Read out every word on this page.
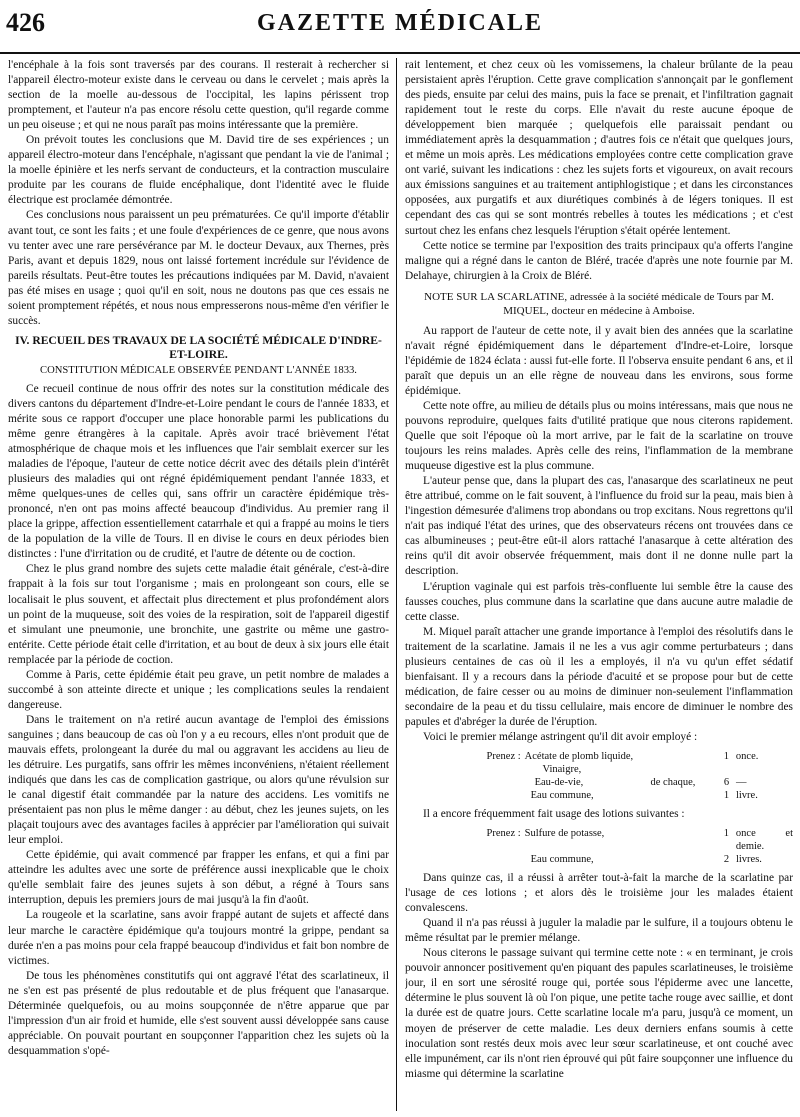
426	GAZETTE MÉDICALE

l'encéphale à la fois sont traversés par des courans. Il resterait à rechercher si l'appareil électro-moteur existe dans le cerveau ou dans le cervelet ; mais après la section de la moelle au-dessous de l'occipital, les lapins périssent trop promptement, et l'auteur n'a pas encore résolu cette question, qu'il regarde comme un peu oiseuse ; et qui ne nous paraît pas moins intéressante que la première.

On prévoit toutes les conclusions que M. David tire de ses expériences ; un appareil électro-moteur dans l'encéphale, n'agissant que pendant la vie de l'animal ; la moelle épinière et les nerfs servant de conducteurs, et la contraction musculaire produite par les courans de fluide encéphalique, dont l'identité avec le fluide électrique est proclamée démontrée.

Ces conclusions nous paraissent un peu prématurées. Ce qu'il importe d'établir avant tout, ce sont les faits ; et une foule d'expériences de ce genre, que nous avons vu tenter avec une rare persévérance par M. le docteur Devaux, aux Thernes, près Paris, avant et depuis 1829, nous ont laissé fortement incrédule sur l'évidence de pareils résultats. Peut-être toutes les précautions indiquées par M. David, n'avaient pas été mises en usage ; quoi qu'il en soit, nous ne doutons pas que ces essais ne soient promptement répétés, et nous nous empresserons nous-même d'en vérifier le succès.

IV. RECUEIL DES TRAVAUX DE LA SOCIÉTÉ MÉDICALE D'INDRE-ET-LOIRE.
CONSTITUTION MÉDICALE OBSERVÉE PENDANT L'ANNÉE 1833.

Ce recueil continue de nous offrir des notes sur la constitution médicale des divers cantons du département d'Indre-et-Loire pendant le cours de l'année 1833, et mérite sous ce rapport d'occuper une place honorable parmi les publications du même genre étrangères à la capitale. Après avoir tracé brièvement l'état atmosphérique de chaque mois et les influences que l'air semblait exercer sur les maladies de l'époque, l'auteur de cette notice décrit avec des détails plein d'intérêt plusieurs des maladies qui ont régné épidémiquement pendant l'année 1833, et même quelques-unes de celles qui, sans offrir un caractère épidémique très-prononcé, n'en ont pas moins affecté beaucoup d'individus. Au premier rang il place la grippe, affection essentiellement catarrhale et qui a frappé au moins le tiers de la population de la ville de Tours. Il en divise le cours en deux périodes bien distinctes : l'une d'irritation ou de crudité, et l'autre de détente ou de coction.

Chez le plus grand nombre des sujets cette maladie était générale, c'est-à-dire frappait à la fois sur tout l'organisme ; mais en prolongeant son cours, elle se localisait le plus souvent, et affectait plus directement et plus profondément alors un point de la muqueuse, soit des voies de la respiration, soit de l'appareil digestif et simulant une pneumonie, une bronchite, une gastrite ou même une gastro-entérite. Cette période était celle d'irritation, et au bout de deux à six jours elle était remplacée par la période de coction.

Comme à Paris, cette épidémie était peu grave, un petit nombre de malades a succombé à son atteinte directe et unique ; les complications seules la rendaient dangereuse.

Dans le traitement on n'a retiré aucun avantage de l'emploi des émissions sanguines ; dans beaucoup de cas où l'on y a eu recours, elles n'ont produit que de mauvais effets, prolongeant la durée du mal ou aggravant les accidens au lieu de les détruire. Les purgatifs, sans offrir les mêmes inconvéniens, n'étaient réellement indiqués que dans les cas de complication gastrique, ou alors qu'une révulsion sur le canal digestif était commandée par la nature des accidens. Les vomitifs ne présentaient pas non plus le même danger : au début, chez les jeunes sujets, on les plaçait toujours avec des avantages faciles à apprécier par l'amélioration qui suivait leur emploi.

Cette épidémie, qui avait commencé par frapper les enfans, et qui a fini par atteindre les adultes avec une sorte de préférence aussi inexplicable que le choix qu'elle semblait faire des jeunes sujets à son début, a régné à Tours sans interruption, depuis les premiers jours de mai jusqu'à la fin d'août.

La rougeole et la scarlatine, sans avoir frappé autant de sujets et affecté dans leur marche le caractère épidémique qu'a toujours montré la grippe, pendant sa durée n'en a pas moins pour cela frappé beaucoup d'individus et fait bon nombre de victimes.

De tous les phénomènes constitutifs qui ont aggravé l'état des scarlatineux, il ne s'en est pas présenté de plus redoutable et de plus fréquent que l'anasarque. Déterminée quelquefois, ou au moins soupçonnée de n'être apparue que par l'impression d'un air froid et humide, elle s'est souvent aussi développée sans cause appréciable. On pouvait pourtant en soupçonner l'apparition chez les sujets où la desquammation s'opé-

rait lentement, et chez ceux où les vomissemens, la chaleur brûlante de la peau persistaient après l'éruption. Cette grave complication s'annonçait par le gonflement des pieds, ensuite par celui des mains, puis la face se prenait, et l'infiltration gagnait rapidement tout le reste du corps. Elle n'avait du reste aucune époque de développement bien marquée ; quelquefois elle paraissait pendant ou immédiatement après la desquammation ; d'autres fois ce n'était que quelques jours, et même un mois après. Les médications employées contre cette complication grave ont varié, suivant les indications : chez les sujets forts et vigoureux, on avait recours aux émissions sanguines et au traitement antiphlogistique ; et dans les circonstances opposées, aux purgatifs et aux diurétiques combinés à de légers toniques. Il est cependant des cas qui se sont montrés rebelles à toutes les médications ; et c'est surtout chez les enfans chez lesquels l'éruption s'était opérée lentement.

Cette notice se termine par l'exposition des traits principaux qu'a offerts l'angine maligne qui a régné dans le canton de Bléré, tracée d'après une note fournie par M. Delahaye, chirurgien à la Croix de Bléré.

NOTE SUR LA SCARLATINE, adressée à la société médicale de Tours par M. MIQUEL, docteur en médecine à Amboise.

Au rapport de l'auteur de cette note, il y avait bien des années que la scarlatine n'avait régné épidémiquement dans le département d'Indre-et-Loire, lorsque l'épidémie de 1824 éclata : aussi fut-elle forte. Il l'observa ensuite pendant 6 ans, et il paraît que depuis un an elle règne de nouveau dans les environs, sous forme épidémique.

Cette note offre, au milieu de détails plus ou moins intéressans, mais que nous ne pouvons reproduire, quelques faits d'utilité pratique que nous citerons rapidement. Quelle que soit l'époque où la mort arrive, par le fait de la scarlatine on trouve toujours les reins malades. Après celle des reins, l'inflammation de la membrane muqueuse digestive est la plus commune.

L'auteur pense que, dans la plupart des cas, l'anasarque des scarlatineux ne peut être attribué, comme on le fait souvent, à l'influence du froid sur la peau, mais bien à l'ingestion démesurée d'alimens trop abondans ou trop excitans. Nous regrettons qu'il n'ait pas indiqué l'état des urines, que des observateurs récens ont trouvées dans ce cas albumineuses ; peut-être eût-il alors rattaché l'anasarque à cette altération des reins qu'il dit avoir observée fréquemment, mais dont il ne donne nulle part la description.

L'éruption vaginale qui est parfois très-confluente lui semble être la cause des fausses couches, plus commune dans la scarlatine que dans aucune autre maladie de cette classe.

M. Miquel paraît attacher une grande importance à l'emploi des résolutifs dans le traitement de la scarlatine. Jamais il ne les a vus agir comme perturbateurs ; dans plusieurs centaines de cas où il les a employés, il n'a vu qu'un effet sédatif bienfaisant. Il y a recours dans la période d'acuité et se propose pour but de cette médication, de faire cesser ou au moins de diminuer non-seulement l'inflammation secondaire de la peau et du tissu cellulaire, mais encore de diminuer le nombre des papules et d'abréger la durée de l'éruption.

Voici le premier mélange astringent qu'il dit avoir employé :

Prenez : Acétate de plomb liquide,	1 once.
Vinaigre,
Eau-de-vie,	de chaque,	6 —
Eau commune,	1 livre.

Il a encore fréquemment fait usage des lotions suivantes :

Prenez : Sulfure de potasse,	1 once et demie.
Eau commune,	2 livres.

Dans quinze cas, il a réussi à arrêter tout-à-fait la marche de la scarlatine par l'usage de ces lotions ; et alors dès le troisième jour les malades étaient convalescens.

Quand il n'a pas réussi à juguler la maladie par le sulfure, il a toujours obtenu le même résultat par le premier mélange.

Nous citerons le passage suivant qui termine cette note : « en terminant, je crois pouvoir annoncer positivement qu'en piquant des papules scarlatineuses, le troisième jour, il en sort une sérosité rouge qui, portée sous l'épiderme avec une lancette, détermine le plus souvent là où l'on pique, une petite tache rouge avec saillie, et dont la durée est de quatre jours. Cette scarlatine locale m'a paru, jusqu'à ce moment, un moyen de préserver de cette maladie. Les deux derniers enfans soumis à cette inoculation sont restés deux mois avec leur sœur scarlatineuse, et ont couché avec elle impunément, car ils n'ont rien éprouvé qui pût faire soupçonner une influence du miasme qui détermine la scarlatine
